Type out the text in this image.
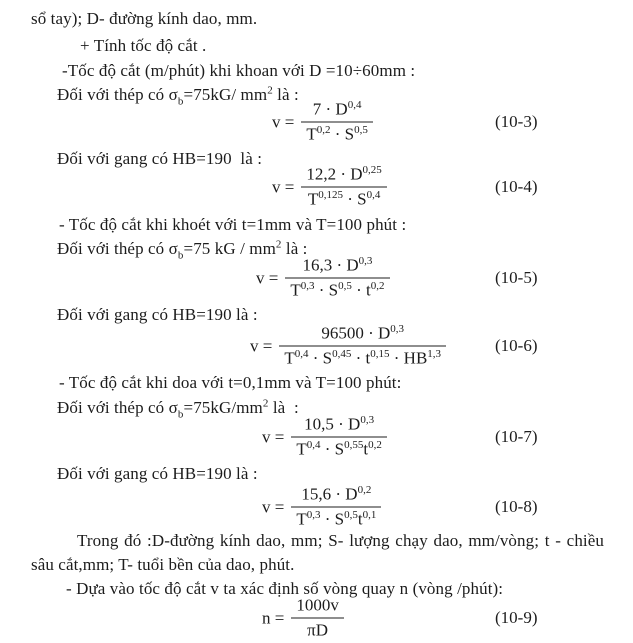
sổ tay); D- đường kính dao, mm.
+ Tính tốc độ cắt .
-Tốc độ cắt (m/phút) khi khoan với D =10÷60mm :
Đối với thép có $\sigma_b=75kG/$ $mm^2$ là :
$v = \frac{7 \cdot D^{0,4}}{T^{0,2} \cdot S^{0,5}}$	(10-3)
Đối với gang có HB=190  là :
$v = \frac{12,2 \cdot D^{0,25}}{T^{0,125} \cdot S^{0,4}}$	(10-4)
- Tốc độ cắt khi khoét với t=1mm và T=100 phút :
Đối với thép có $\sigma_b=75$ kG / $mm^2$ là :
$v = \frac{16,3 \cdot D^{0,3}}{T^{0,3} \cdot S^{0,5} \cdot t^{0,2}}$	(10-5)
Đối với gang có HB=190 là :
$v = \frac{96500 \cdot D^{0,3}}{T^{0,4} \cdot S^{0,45} \cdot t^{0,15} \cdot HB^{1,3}}$	(10-6)
- Tốc độ cắt khi doa với t=0,1mm và T=100 phút:
Đối với thép có $\sigma_b=75kG/mm^2$ là  :
$v = \frac{10,5 \cdot D^{0,3}}{T^{0,4} \cdot S^{0,55}t^{0,2}}$	(10-7)
Đối với gang có HB=190 là :
$v = \frac{15,6 \cdot D^{0,2}}{T^{0,3} \cdot S^{0,5}t^{0,1}}$	(10-8)
Trong đó :D-đường kính dao, mm; S- lượng chạy dao, mm/vòng; t - chiều
sâu cắt,mm; T- tuổi bền của dao, phút.
- Dựa vào tốc độ cắt v ta xác định số vòng quay n (vòng /phút):
$n = \frac{1000v}{\pi D}$	(10-9)
